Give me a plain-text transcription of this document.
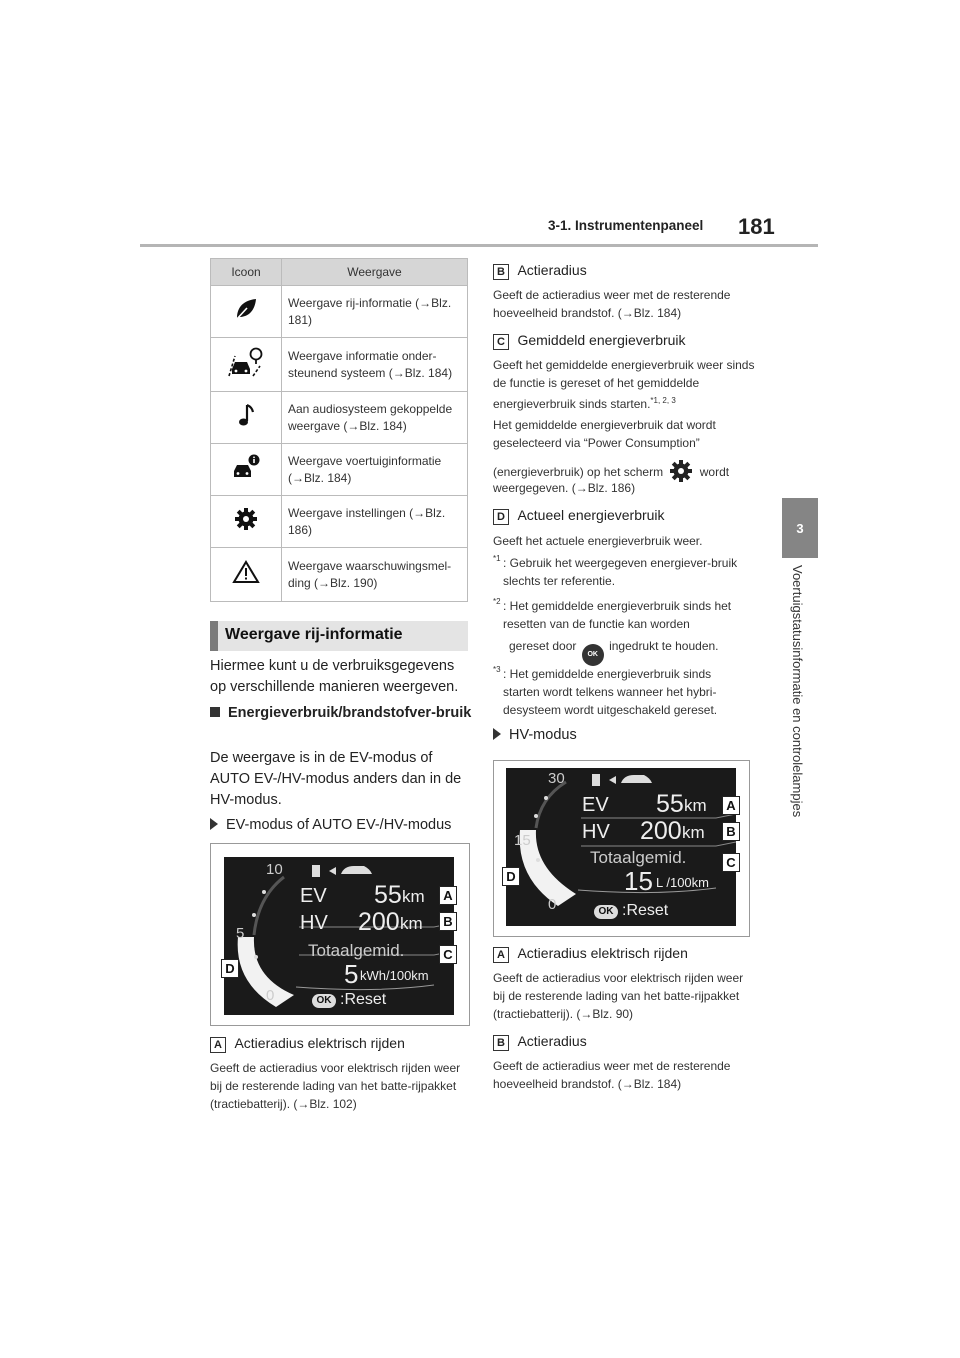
3-1. Instrumentenpaneel 181
3
Voertuigstatusinformatie en controlelampjes
Icoon	Weergave
	Weergave rij-informatie (→Blz. 181)
	Weergave informatie onder-steunend systeem (→Blz. 184)
	Aan audiosysteem gekoppelde weergave (→Blz. 184)
	Weergave voertuiginformatie (→Blz. 184)
	Weergave instellingen (→Blz. 186)
	Weergave waarschuwingsmel-ding (→Blz. 190)
Weergave rij-informatie
Hiermee kunt u de verbruiksgegevens op verschillende manieren weergeven.
Energieverbruik/brandstofver-bruik
De weergave is in de EV-modus of AUTO EV-/HV-modus anders dan in de HV-modus.
EV-modus of AUTO EV-/HV-modus
10
5
0
EV 55 km
HV 200 km
Totaalgemid.
5 kWh/100km
OK :Reset
A
B
C
D
A Actieradius elektrisch rijden
Geeft de actieradius voor elektrisch rijden weer bij de resterende lading van het batte-rijpakket (tractiebatterij). (→Blz. 102)
B Actieradius
Geeft de actieradius weer met de resterende hoeveelheid brandstof. (→Blz. 184)
C Gemiddeld energieverbruik
Geeft het gemiddelde energieverbruik weer sinds de functie is gereset of het gemiddelde energieverbruik sinds starten.$^{*1, 2, 3}$
Het gemiddelde energieverbruik dat wordt geselecteerd via “Power Consumption”
(energieverbruik) op het scherm	wordt
weergegeven. (→Blz. 186)
D Actueel energieverbruik
Geeft het actuele energieverbruik weer.
*1 : Gebruik het weergegeven energiever-bruik slechts ter referentie.
*2 : Het gemiddelde energieverbruik sinds het resetten van de functie kan worden
gereset door OK ingedrukt te houden.
*3 : Het gemiddelde energieverbruik sinds starten wordt telkens wanneer het hybri-desysteem wordt uitgeschakeld gereset.
HV-modus
30
15
0
EV 55 km
HV 200 km
Totaalgemid.
15 L /100km
OK :Reset
A
B
C
D
A Actieradius elektrisch rijden
Geeft de actieradius voor elektrisch rijden weer bij de resterende lading van het batte-rijpakket (tractiebatterij). (→Blz. 90)
B Actieradius
Geeft de actieradius weer met de resterende hoeveelheid brandstof. (→Blz. 184)
